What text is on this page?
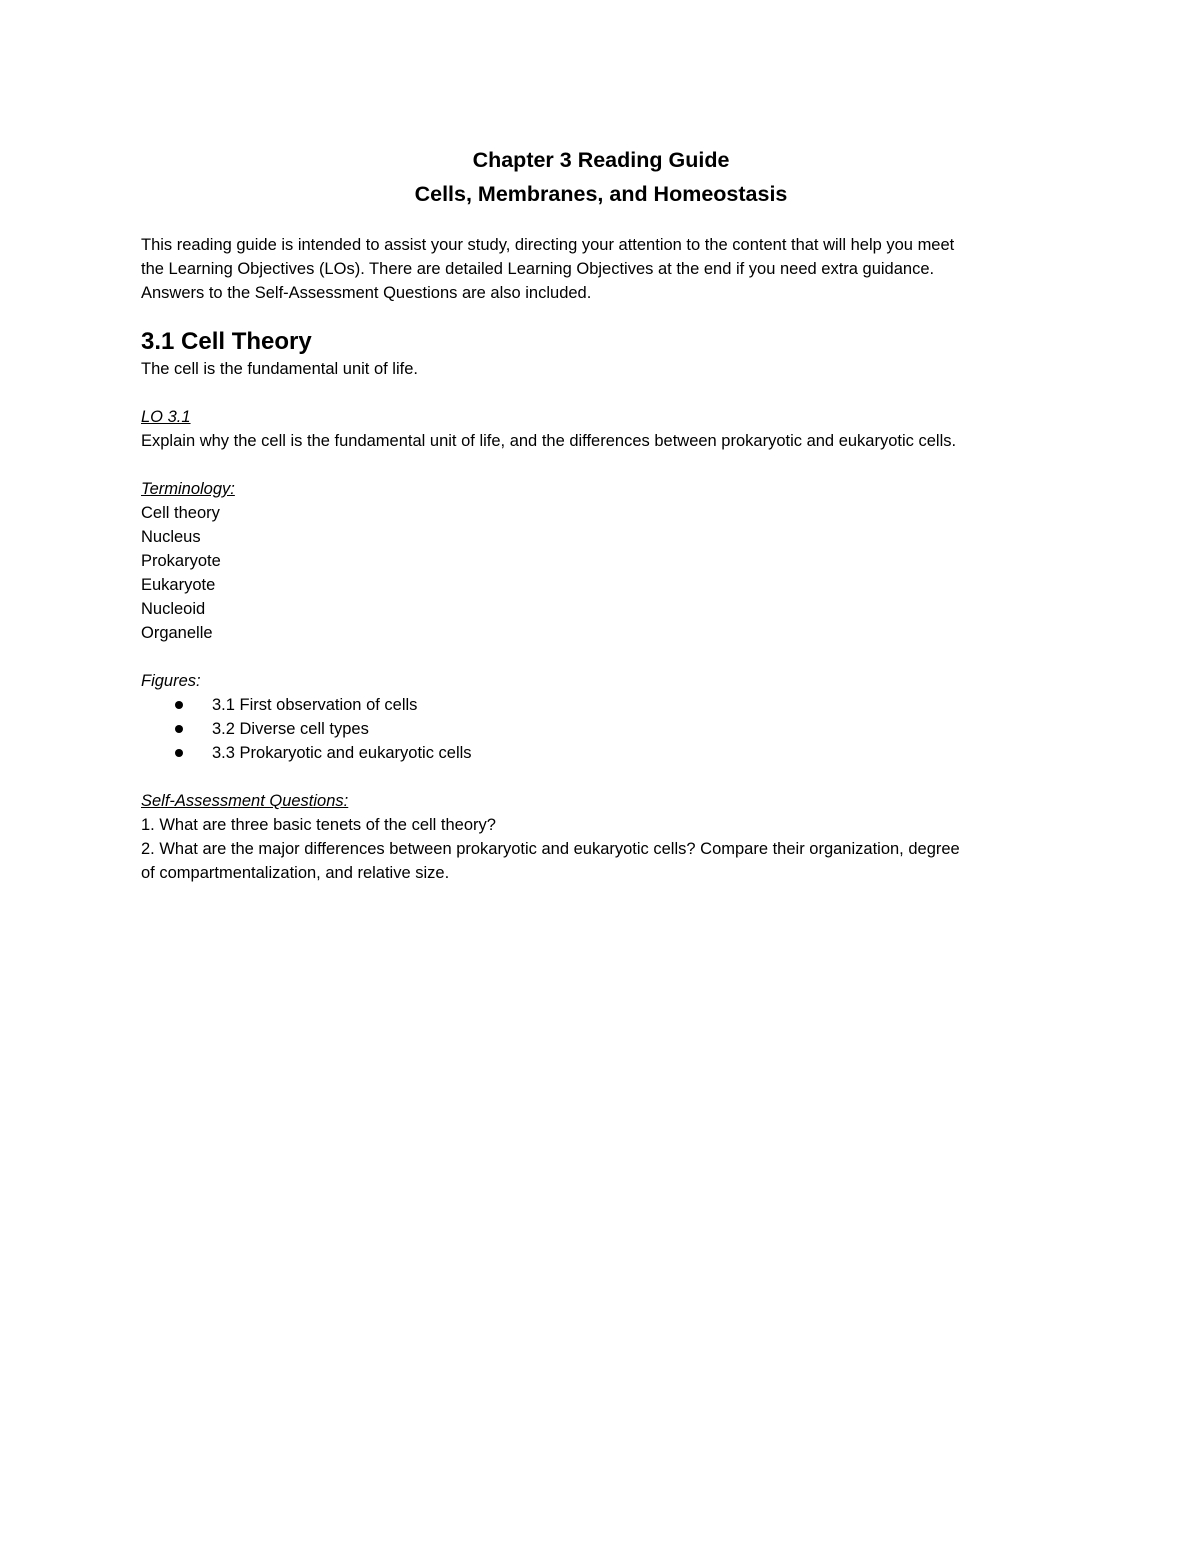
Chapter 3 Reading Guide
Cells, Membranes, and Homeostasis
This reading guide is intended to assist your study, directing your attention to the content that will help you meet
the Learning Objectives (LOs). There are detailed Learning Objectives at the end if you need extra guidance.
Answers to the Self-Assessment Questions are also included.
3.1 Cell Theory
The cell is the fundamental unit of life.
LO 3.1
Explain why the cell is the fundamental unit of life, and the differences between prokaryotic and eukaryotic cells.
Terminology:
Cell theory
Nucleus
Prokaryote
Eukaryote
Nucleoid
Organelle
Figures:
3.1 First observation of cells
3.2 Diverse cell types
3.3 Prokaryotic and eukaryotic cells
Self-Assessment Questions:
1. What are three basic tenets of the cell theory?
2. What are the major differences between prokaryotic and eukaryotic cells? Compare their organization, degree
of compartmentalization, and relative size.
